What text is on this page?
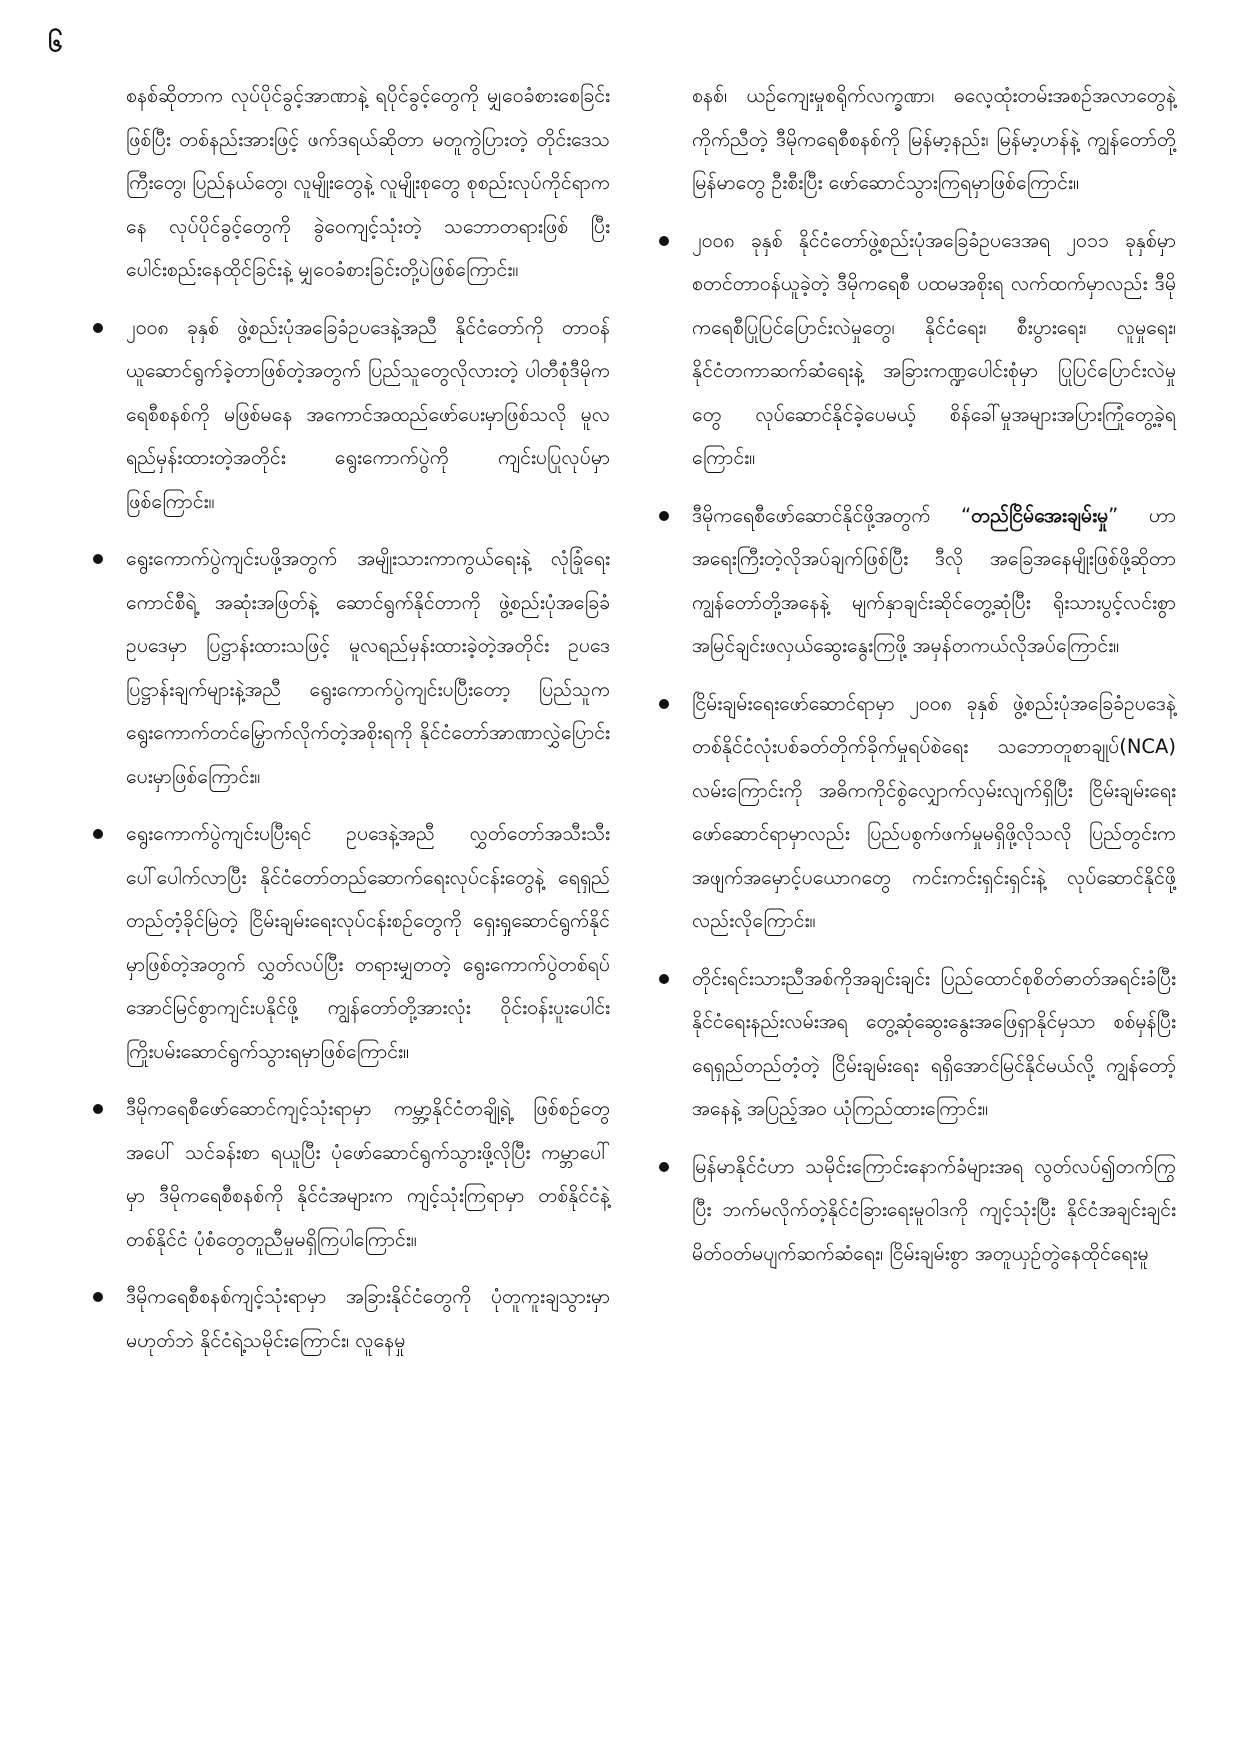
၆

စနစ်ဆိုတာက လုပ်ပိုင်ခွင့်အာဏာနဲ့ ရပိုင်ခွင့်တွေကို မျှဝေခံစားစေခြင်းဖြစ်ပြီး တစ်နည်းအားဖြင့် ဖက်ဒရယ်ဆိုတာ မတူကွဲပြားတဲ့ တိုင်းဒေသကြီးတွေ၊ ပြည်နယ်တွေ၊ လူမျိုးတွေနဲ့ လူမျိုးစုတွေ စုစည်းလုပ်ကိုင်ရာကနေ လုပ်ပိုင်ခွင့်တွေကို ခွဲဝေကျင့်သုံးတဲ့ သဘောတရားဖြစ် ပြီး ပေါင်းစည်းနေထိုင်ခြင်းနဲ့ မျှဝေခံစားခြင်းတို့ပဲဖြစ်ကြောင်း။

၂၀၀၈ ခုနှစ် ဖွဲ့စည်းပုံအခြေခံဥပဒေနဲ့အညီ နိုင်ငံတော်ကို တာဝန်ယူဆောင်ရွက်ခဲ့တာဖြစ်တဲ့အတွက် ပြည်သူတွေလိုလားတဲ့ ပါတီစုံဒီမိုကရေစီစနစ်ကို မဖြစ်မနေ အကောင်အထည်ဖော်ပေးမှာဖြစ်သလို မူလရည်မှန်းထားတဲ့အတိုင်း ရွေးကောက်ပွဲကို ကျင်းပပြုလုပ်မှာဖြစ်ကြောင်း။
ရွေးကောက်ပွဲကျင်းပဖို့အတွက် အမျိုးသားကာကွယ်ရေးနဲ့ လုံခြုံရေးကောင်စီရဲ့ အဆုံးအဖြတ်နဲ့ ဆောင်ရွက်နိုင်တာကို ဖွဲ့စည်းပုံအခြေခံဥပဒေမှာ ပြဋ္ဌာန်းထားသဖြင့် မူလရည်မှန်းထားခဲ့တဲ့အတိုင်း ဥပဒေပြဋ္ဌာန်းချက်များနဲ့အညီ ရွေးကောက်ပွဲကျင်းပပြီးတော့ ပြည်သူက ရွေးကောက်တင်မြှောက်လိုက်တဲ့အစိုးရကို နိုင်ငံတော်အာဏာလွှဲပြောင်းပေးမှာဖြစ်ကြောင်း။
ရွေးကောက်ပွဲကျင်းပပြီးရင် ဥပဒေနဲ့အညီ လွှတ်တော်အသီးသီးပေါ်ပေါက်လာပြီး နိုင်ငံတော်တည်ဆောက်ရေးလုပ်ငန်းတွေနဲ့ ရေရှည်တည်တံ့ခိုင်မြဲတဲ့ ငြိမ်းချမ်းရေးလုပ်ငန်းစဉ်တွေကို ရှေးရှုဆောင်ရွက်နိုင်မှာဖြစ်တဲ့အတွက် လွှတ်လပ်ပြီး တရားမျှတတဲ့ ရွေးကောက်ပွဲတစ်ရပ် အောင်မြင်စွာကျင်းပနိုင်ဖို့ ကျွန်တော်တို့အားလုံး ဝိုင်းဝန်းပူးပေါင်းကြိုးပမ်းဆောင်ရွက်သွားရမှာဖြစ်ကြောင်း။
ဒီမိုကရေစီဖော်ဆောင်ကျင့်သုံးရာမှာ ကမ္ဘာ့နိုင်ငံတချို့ရဲ့ ဖြစ်စဉ်တွေအပေါ် သင်ခန်းစာ ရယူပြီး ပုံဖော်ဆောင်ရွက်သွားဖို့လိုပြီး ကမ္ဘာပေါ်မှာ ဒီမိုကရေစီစနစ်ကို နိုင်ငံအများက ကျင့်သုံးကြရာမှာ တစ်နိုင်ငံနဲ့တစ်နိုင်ငံ ပုံစံတွေတူညီမှုမရှိကြပါကြောင်း။
ဒီမိုကရေစီစနစ်ကျင့်သုံးရာမှာ အခြားနိုင်ငံတွေကို ပုံတူကူးချသွားမှာမဟုတ်ဘဲ နိုင်ငံရဲ့သမိုင်းကြောင်း၊ လူနေမှု

စနစ်၊ ယဉ်ကျေးမှုစရိုက်လက္ခဏာ၊ ဓလေ့ထုံးတမ်းအစဉ်အလာတွေနဲ့ကိုက်ညီတဲ့ ဒီမိုကရေစီစနစ်ကို မြန်မာ့နည်း၊ မြန်မာ့ဟန်နဲ့ ကျွန်တော်တို့ မြန်မာတွေ ဦးစီးပြီး ဖော်ဆောင်သွားကြရမှာဖြစ်ကြောင်း။

၂၀၀၈ ခုနှစ် နိုင်ငံတော်ဖွဲ့စည်းပုံအခြေခံဥပဒေအရ ၂၀၁၁ ခုနှစ်မှာ စတင်တာဝန်ယူခဲ့တဲ့ ဒီမိုကရေစီ ပထမအစိုးရ လက်ထက်မှာလည်း ဒီမိုကရေစီပြုပြင်ပြောင်းလဲမှုတွေ၊ နိုင်ငံရေး၊ စီးပွားရေး၊ လူမှုရေး၊ နိုင်ငံတကာဆက်ဆံရေးနဲ့ အခြားကဏ္ဍပေါင်းစုံမှာ ပြုပြင်ပြောင်းလဲမှုတွေ လုပ်ဆောင်နိုင်ခဲ့ပေမယ့် စိန်ခေါ်မှုအများအပြားကြုံတွေ့ခဲ့ရကြောင်း။
ဒီမိုကရေစီဖော်ဆောင်နိုင်ဖို့အတွက် “တည်ငြိမ်အေးချမ်းမှု” ဟာ အရေးကြီးတဲ့လိုအပ်ချက်ဖြစ်ပြီး ဒီလို အခြေအနေမျိုးဖြစ်ဖို့ဆိုတာ ကျွန်တော်တို့အနေနဲ့ မျက်နှာချင်းဆိုင်တွေ့ဆုံပြီး ရိုးသားပွင့်လင်းစွာ အမြင်ချင်းဖလှယ်ဆွေးနွေးကြဖို့ အမှန်တကယ်လိုအပ်ကြောင်း။
ငြိမ်းချမ်းရေးဖော်ဆောင်ရာမှာ ၂၀၀၈ ခုနှစ် ဖွဲ့စည်းပုံအခြေခံဥပဒေနဲ့ တစ်နိုင်ငံလုံးပစ်ခတ်တိုက်ခိုက်မှုရပ်စဲရေး သဘောတူစာချုပ်(NCA) လမ်းကြောင်းကို အဓိကကိုင်စွဲလျှောက်လှမ်းလျက်ရှိပြီး ငြိမ်းချမ်းရေးဖော်ဆောင်ရာမှာလည်း ပြည်ပစွက်ဖက်မှုမရှိဖို့လိုသလို ပြည်တွင်းက အဖျက်အမှောင့်ပယောဂတွေ ကင်းကင်းရှင်းရှင်းနဲ့ လုပ်ဆောင်နိုင်ဖို့လည်းလိုကြောင်း။
တိုင်းရင်းသားညီအစ်ကိုအချင်းချင်း ပြည်ထောင်စုစိတ်ဓာတ်အရင်းခံပြီး နိုင်ငံရေးနည်းလမ်းအရ တွေ့ဆုံဆွေးနွေးအဖြေရှာနိုင်မှသာ စစ်မှန်ပြီးရေရှည်တည်တံ့တဲ့ ငြိမ်းချမ်းရေး ရရှိအောင်မြင်နိုင်မယ်လို့ ကျွန်တော့်အနေနဲ့ အပြည့်အဝ ယုံကြည်ထားကြောင်း။
မြန်မာနိုင်ငံဟာ သမိုင်းကြောင်းနောက်ခံများအရ လွတ်လပ်၍တက်ကြွပြီး ဘက်မလိုက်တဲ့နိုင်ငံခြားရေးမူဝါဒကို ကျင့်သုံးပြီး နိုင်ငံအချင်းချင်း မိတ်ဝတ်မပျက်ဆက်ဆံရေး၊ ငြိမ်းချမ်းစွာ အတူယှဉ်တွဲနေထိုင်ရေးမူ
